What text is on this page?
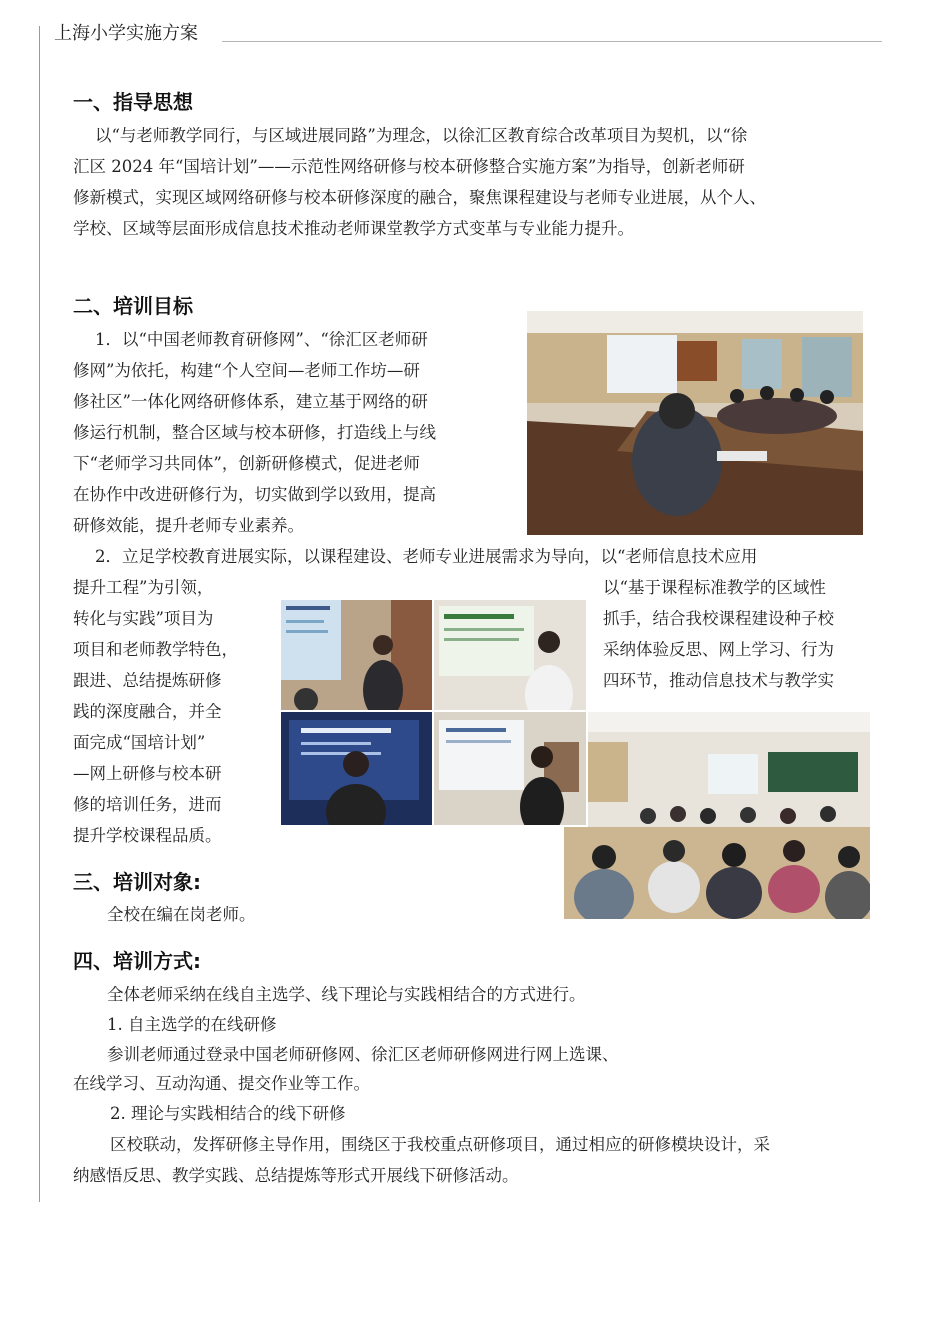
上海小学实施方案
一、指导思想
以“与老师教学同行，与区域进展同路”为理念，以徐汇区教育综合改革项目为契机，以“徐
汇区 2024 年“国培计划”——示范性网络研修与校本研修整合实施方案”为指导，创新老师研
修新模式，实现区域网络研修与校本研修深度的融合，聚焦课程建设与老师专业进展，从个人、
学校、区域等层面形成信息技术推动老师课堂教学方式变革与专业能力提升。
二、培训目标
1．以“中国老师教育研修网”、“徐汇区老师研
修网”为依托，构建“个人空间—老师工作坊—研
修社区”一体化网络研修体系，建立基于网络的研
修运行机制，整合区域与校本研修，打造线上与线
下“老师学习共同体”，创新研修模式，促进老师
在协作中改进研修行为，切实做到学以致用，提高
研修效能，提升老师专业素养。
2．立足学校教育进展实际，以课程建设、老师专业进展需求为导向，以“老师信息技术应用
提升工程”为引领，
转化与实践”项目为
项目和老师教学特色，
跟进、总结提炼研修
践的深度融合，并全
面完成“国培计划”
—网上研修与校本研
修的培训任务，进而
提升学校课程品质。
以“基于课程标准教学的区域性
抓手，结合我校课程建设种子校
采纳体验反思、网上学习、行为
四环节，推动信息技术与教学实
三、培训对象:
全校在编在岗老师。
四、培训方式:
全体老师采纳在线自主选学、线下理论与实践相结合的方式进行。
1. 自主选学的在线研修
参训老师通过登录中国老师研修网、徐汇区老师研修网进行网上选课、
在线学习、互动沟通、提交作业等工作。
2. 理论与实践相结合的线下研修
区校联动，发挥研修主导作用，围绕区于我校重点研修项目，通过相应的研修模块设计，采
纳感悟反思、教学实践、总结提炼等形式开展线下研修活动。
